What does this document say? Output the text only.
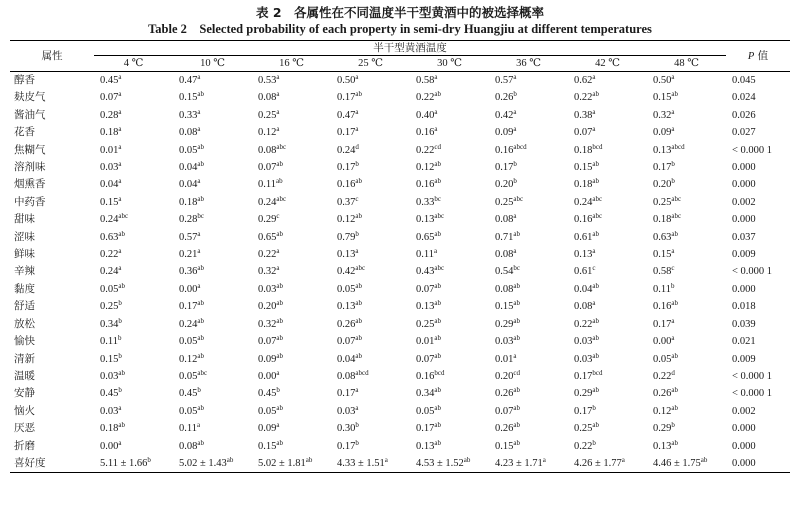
表 2　各属性在不同温度半干型黄酒中的被选择概率
Table 2　Selected probability of each property in semi-dry Huangjiu at different temperatures
属性	半干型黄酒温度								P 值
	4 ℃	10 ℃	16 ℃	25 ℃	30 ℃	36 ℃	42 ℃	48 ℃	
醇香	0.45$^a$	0.47$^a$	0.53$^a$	0.50$^a$	0.58$^a$	0.57$^a$	0.62$^a$	0.50$^a$	0.045
麸皮气	0.07$^a$	0.15$^{ab}$	0.08$^a$	0.17$^{ab}$	0.22$^{ab}$	0.26$^b$	0.22$^{ab}$	0.15$^{ab}$	0.024
酱油气	0.28$^a$	0.33$^a$	0.25$^a$	0.47$^a$	0.40$^a$	0.42$^a$	0.38$^a$	0.32$^a$	0.026
花香	0.18$^a$	0.08$^a$	0.12$^a$	0.17$^a$	0.16$^a$	0.09$^a$	0.07$^a$	0.09$^a$	0.027
焦糊气	0.01$^a$	0.05$^{ab}$	0.08$^{abc}$	0.24$^d$	0.22$^{cd}$	$0.16^{abcd}$	0.18$^{bcd}$	$0.13^{abcd}$	< 0.000 1
溶剂味	0.03$^a$	0.04$^{ab}$	0.07$^{ab}$	0.17$^b$	0.12$^{ab}$	0.17$^b$	0.15$^{ab}$	0.17$^b$	0.000
烟熏香	0.04$^a$	0.04$^a$	0.11$^{ab}$	0.16$^{ab}$	0.16$^{ab}$	0.20$^b$	0.18$^{ab}$	0.20$^b$	0.000
中药香	0.15$^a$	0.18$^{ab}$	0.24$^{abc}$	0.37$^c$	0.33$^{bc}$	0.25$^{abc}$	0.24$^{abc}$	0.25$^{abc}$	0.002
甜味	0.24$^{abc}$	0.28$^{bc}$	0.29$^c$	0.12$^{ab}$	0.13$^{abc}$	0.08$^a$	0.16$^{abc}$	0.18$^{abc}$	0.000
涩味	0.63$^{ab}$	0.57$^a$	0.65$^{ab}$	0.79$^b$	0.65$^{ab}$	0.71$^{ab}$	0.61$^{ab}$	0.63$^{ab}$	0.037
鲜味	0.22$^a$	0.21$^a$	0.22$^a$	0.13$^a$	0.11$^a$	0.08$^a$	0.13$^a$	0.15$^a$	0.009
辛辣	0.24$^a$	0.36$^{ab}$	0.32$^a$	0.42$^{abc}$	0.43$^{abc}$	0.54$^{bc}$	0.61$^c$	0.58$^c$	< 0.000 1
黏度	0.05$^{ab}$	0.00$^a$	0.03$^{ab}$	0.05$^{ab}$	0.07$^{ab}$	0.08$^{ab}$	0.04$^{ab}$	0.11$^b$	0.000
舒适	0.25$^b$	0.17$^{ab}$	0.20$^{ab}$	0.13$^{ab}$	0.13$^{ab}$	0.15$^{ab}$	0.08$^a$	0.16$^{ab}$	0.018
放松	0.34$^b$	0.24$^{ab}$	0.32$^{ab}$	0.26$^{ab}$	0.25$^{ab}$	0.29$^{ab}$	0.22$^{ab}$	0.17$^a$	0.039
愉快	0.11$^b$	0.05$^{ab}$	0.07$^{ab}$	0.07$^{ab}$	0.01$^{ab}$	0.03$^{ab}$	0.03$^{ab}$	0.00$^a$	0.021
清新	0.15$^b$	0.12$^{ab}$	0.09$^{ab}$	0.04$^{ab}$	0.07$^{ab}$	0.01$^a$	0.03$^{ab}$	0.05$^{ab}$	0.009
温暖	0.03$^{ab}$	0.05$^{abc}$	0.00$^a$	$0.08^{abcd}$	0.16$^{bcd}$	0.20$^{cd}$	0.17$^{bcd}$	0.22$^d$	< 0.000 1
安静	0.45$^b$	0.45$^b$	0.45$^b$	0.17$^a$	0.34$^{ab}$	0.26$^{ab}$	0.29$^{ab}$	0.26$^{ab}$	< 0.000 1
恼火	0.03$^a$	0.05$^{ab}$	0.05$^{ab}$	0.03$^a$	0.05$^{ab}$	0.07$^{ab}$	0.17$^b$	0.12$^{ab}$	0.002
厌恶	0.18$^{ab}$	0.11$^a$	0.09$^a$	0.30$^b$	0.17$^{ab}$	0.26$^{ab}$	0.25$^{ab}$	0.29$^b$	0.000
折磨	0.00$^a$	0.08$^{ab}$	0.15$^{ab}$	0.17$^b$	0.13$^{ab}$	0.15$^{ab}$	0.22$^b$	0.13$^{ab}$	0.000
喜好度	5.11 ± 1.66$^b$	5.02 ± 1.43$^{ab}$	5.02 ± 1.81$^{ab}$	4.33 ± 1.51$^a$	4.53 ± 1.52$^{ab}$	4.23 ± 1.71$^a$	4.26 ± 1.77$^a$	4.46 ± 1.75$^{ab}$	0.000
